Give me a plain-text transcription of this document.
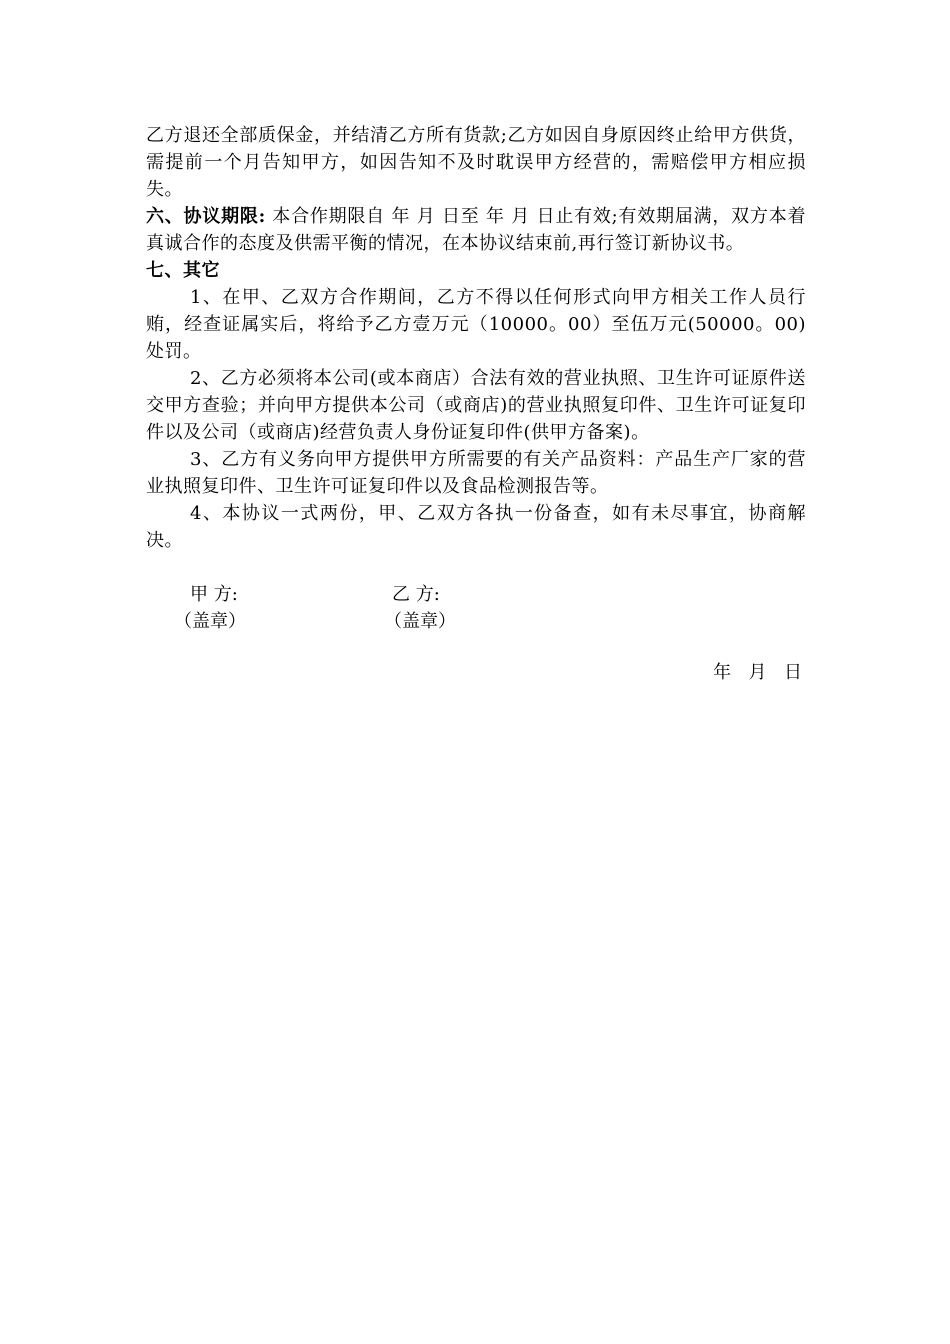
乙方退还全部质保金，并结清乙方所有货款;乙方如因自身原因终止给甲方供货，需提前一个月告知甲方，如因告知不及时耽误甲方经营的，需赔偿甲方相应损失。

六、协议期限: 本合作期限自 年 月 日至 年 月 日止有效;有效期届满，双方本着真诚合作的态度及供需平衡的情况，在本协议结束前,再行签订新协议书。

七、其它

1、在甲、乙双方合作期间，乙方不得以任何形式向甲方相关工作人员行贿，经查证属实后，将给予乙方壹万元（10000。00）至伍万元(50000。00)处罚。

2、乙方必须将本公司(或本商店）合法有效的营业执照、卫生许可证原件送交甲方查验；并向甲方提供本公司（或商店)的营业执照复印件、卫生许可证复印件以及公司（或商店)经营负责人身份证复印件(供甲方备案)。

3、乙方有义务向甲方提供甲方所需要的有关产品资料：产品生产厂家的营业执照复印件、卫生许可证复印件以及食品检测报告等。

4、本协议一式两份，甲、乙双方各执一份备查，如有未尽事宜，协商解决。

甲 方:	乙 方:
（盖章）	（盖章）
年  月  日
